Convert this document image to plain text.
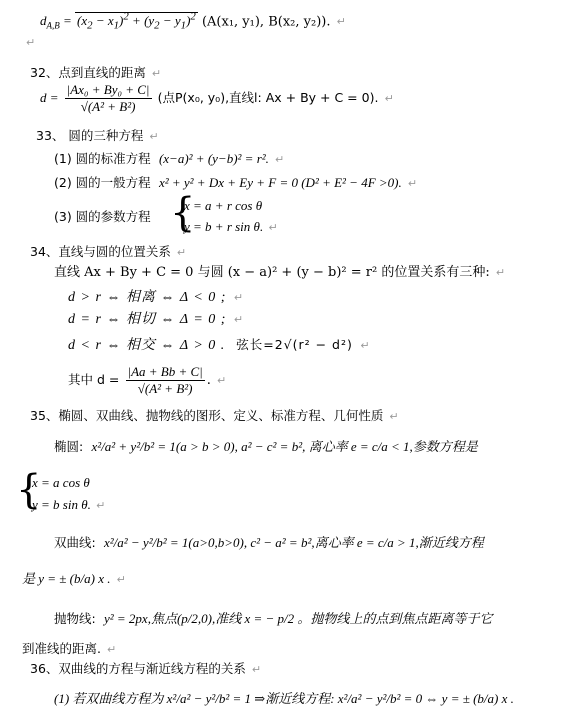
$d_{A,B} = (x_2 - x_1)^2 + (y_2 - y_1)^2$ (A(x₁, y₁), B(x₂, y₂)). ↵
↵
32、点到直线的距离 ↵
$d = \frac{\text{|Ax₀ + By₀ + C|}}{\text{√(A² + B²)}}$ (点P(x₀, y₀),直线l: Ax + By + C = 0). ↵
33、 圆的三种方程 ↵
(1) 圆的标准方程 (x−a)² + (y−b)² = r². ↵
(2) 圆的一般方程 x² + y² + Dx + Ey + F = 0 (D² + E² − 4F >0). ↵
(3) 圆的参数方程 {
x = a + r cos θ
y = b + r sin θ. ↵
34、直线与圆的位置关系 ↵
直线 Ax + By + C = 0 与圆 (x − a)² + (y − b)² = r² 的位置关系有三种: ↵
d > r ⇔ 相离 ⇔ Δ < 0 ; ↵
d = r ⇔ 相切 ⇔ Δ = 0 ; ↵
d < r ⇔ 相交 ⇔ Δ > 0 . 弦长=2√(r² − d²) ↵
其中 $d = \frac{|Aa + Bb + C|}{\text{√(A² + B²)}}$ . ↵
35、椭圆、双曲线、抛物线的图形、定义、标准方程、几何性质 ↵
椭圆: x²/a² + y²/b² = 1(a > b > 0), a² − c² = b², 离心率 e = c/a < 1,参数方程是
{
x = a cos θ
y = b sin θ. ↵
双曲线: x²/a² − y²/b² = 1(a>0,b>0), c² − a² = b²,离心率 e = c/a > 1,渐近线方程
是 y = ± (b/a) x . ↵
抛物线: y² = 2px,焦点(p/2,0),准线 x = − p/2 。抛物线上的点到焦点距离等于它
到准线的距离. ↵
36、双曲线的方程与渐近线方程的关系 ↵
(1) 若双曲线方程为 x²/a² − y²/b² = 1 ⇒渐近线方程: x²/a² − y²/b² = 0 ⇔ y = ± (b/a) x .
